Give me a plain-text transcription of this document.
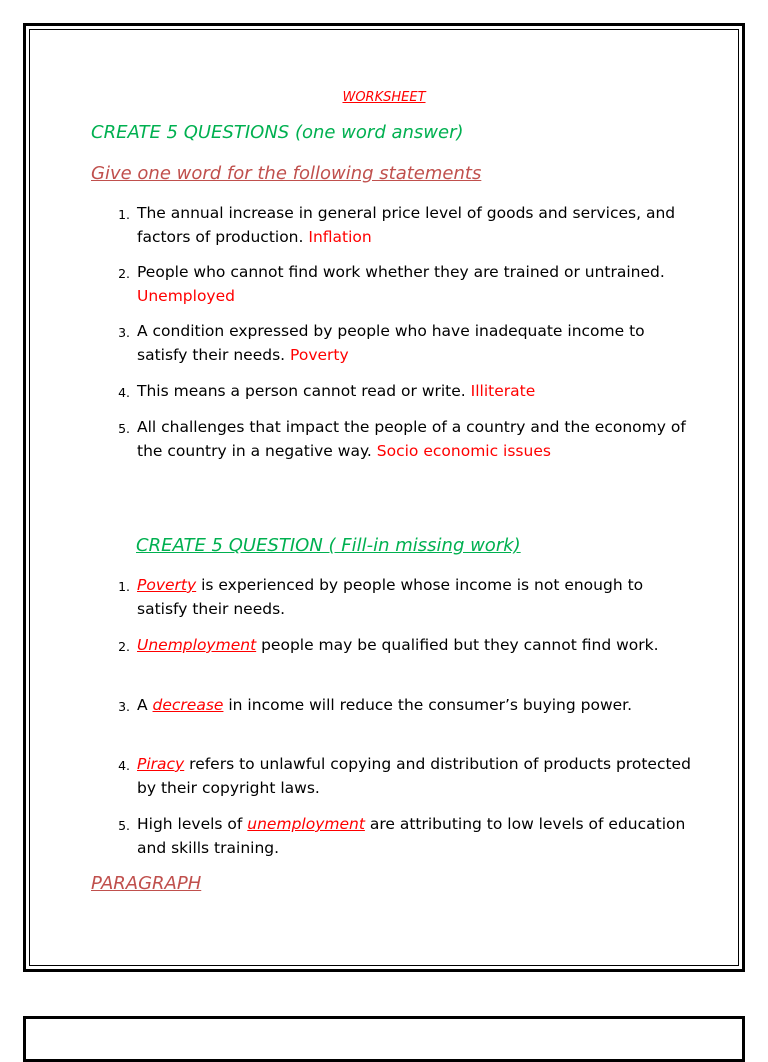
WORKSHEET
CREATE 5 QUESTIONS (one word answer)
Give one word for the following statements
1. The annual increase in general price level of goods and services, and factors of production. Inflation
2. People who cannot find work whether they are trained or untrained. Unemployed
3. A condition expressed by people who have inadequate income to satisfy their needs. Poverty
4. This means a person cannot read or write. Illiterate
5. All challenges that impact the people of a country and the economy of the country in a negative way. Socio economic issues
CREATE 5 QUESTION ( Fill-in missing work)
1. Poverty is experienced by people whose income is not enough to satisfy their needs.
2. Unemployment people may be qualified but they cannot find work.
3. A decrease in income will reduce the consumer’s buying power.
4. Piracy refers to unlawful copying and distribution of products protected by their copyright laws.
5. High levels of unemployment are attributing to low levels of education and skills training.
PARAGRAPH
